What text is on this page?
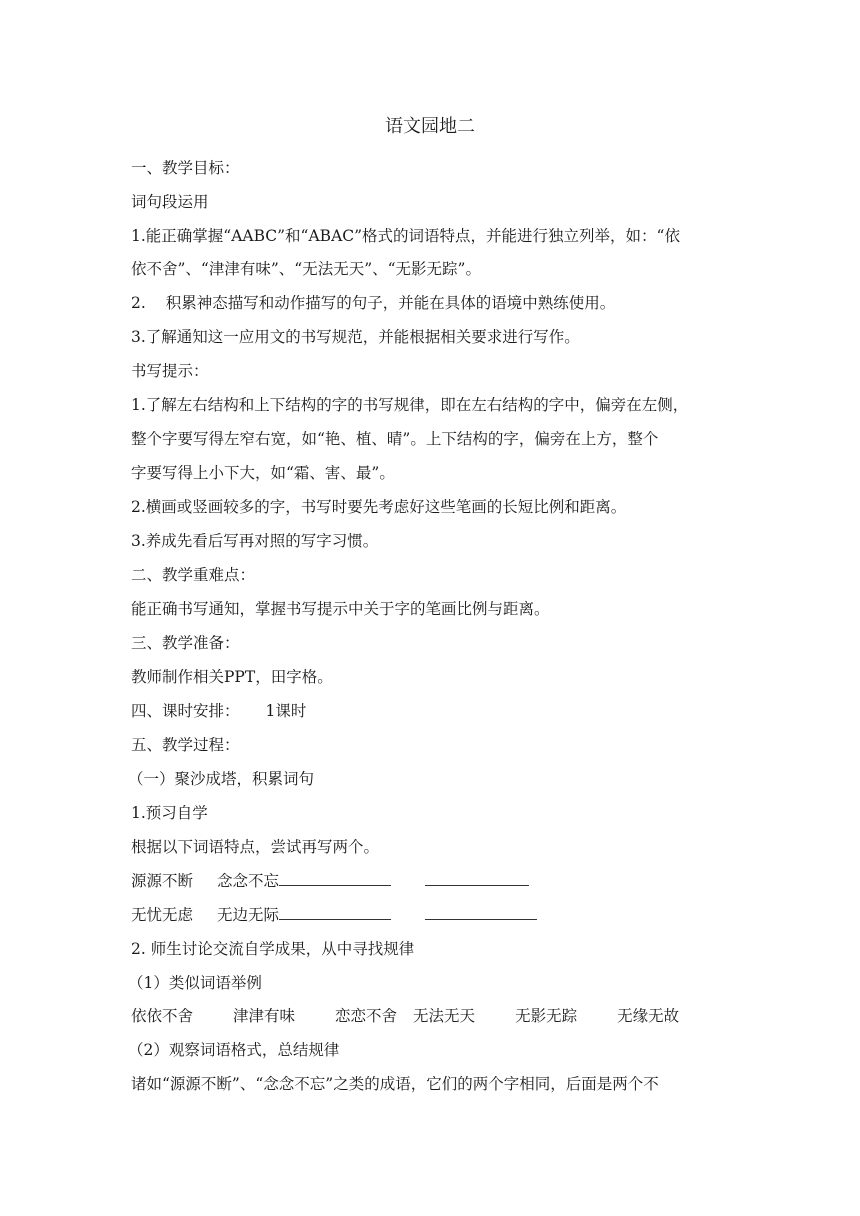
语文园地二
一、教学目标：
词句段运用
1.能正确掌握“AABC”和“ABAC”格式的词语特点，并能进行独立列举，如：“依
依不舍”、“津津有味”、“无法无天”、“无影无踪”。
2. 积累神态描写和动作描写的句子，并能在具体的语境中熟练使用。
3.了解通知这一应用文的书写规范，并能根据相关要求进行写作。
书写提示：
1.了解左右结构和上下结构的字的书写规律，即在左右结构的字中，偏旁在左侧，
整个字要写得左窄右宽，如“艳、植、晴”。上下结构的字，偏旁在上方，整个
字要写得上小下大，如“霜、害、最”。
2.横画或竖画较多的字，书写时要先考虑好这些笔画的长短比例和距离。
3.养成先看后写再对照的写字习惯。
二、教学重难点：
能正确书写通知，掌握书写提示中关于字的笔画比例与距离。
三、教学准备：
教师制作相关PPT，田字格。
四、课时安排： 1课时
五、教学过程：
（一）聚沙成塔，积累词句
1.预习自学
根据以下词语特点，尝试再写两个。
源源不断 念念不忘
无忧无虑 无边无际
2. 师生讨论交流自学成果，从中寻找规律
（1）类似词语举例
依依不舍	津津有味	恋恋不舍 无法无天	无影无踪	无缘无故
（2）观察词语格式，总结规律
诸如“源源不断”、“念念不忘”之类的成语，它们的两个字相同，后面是两个不
